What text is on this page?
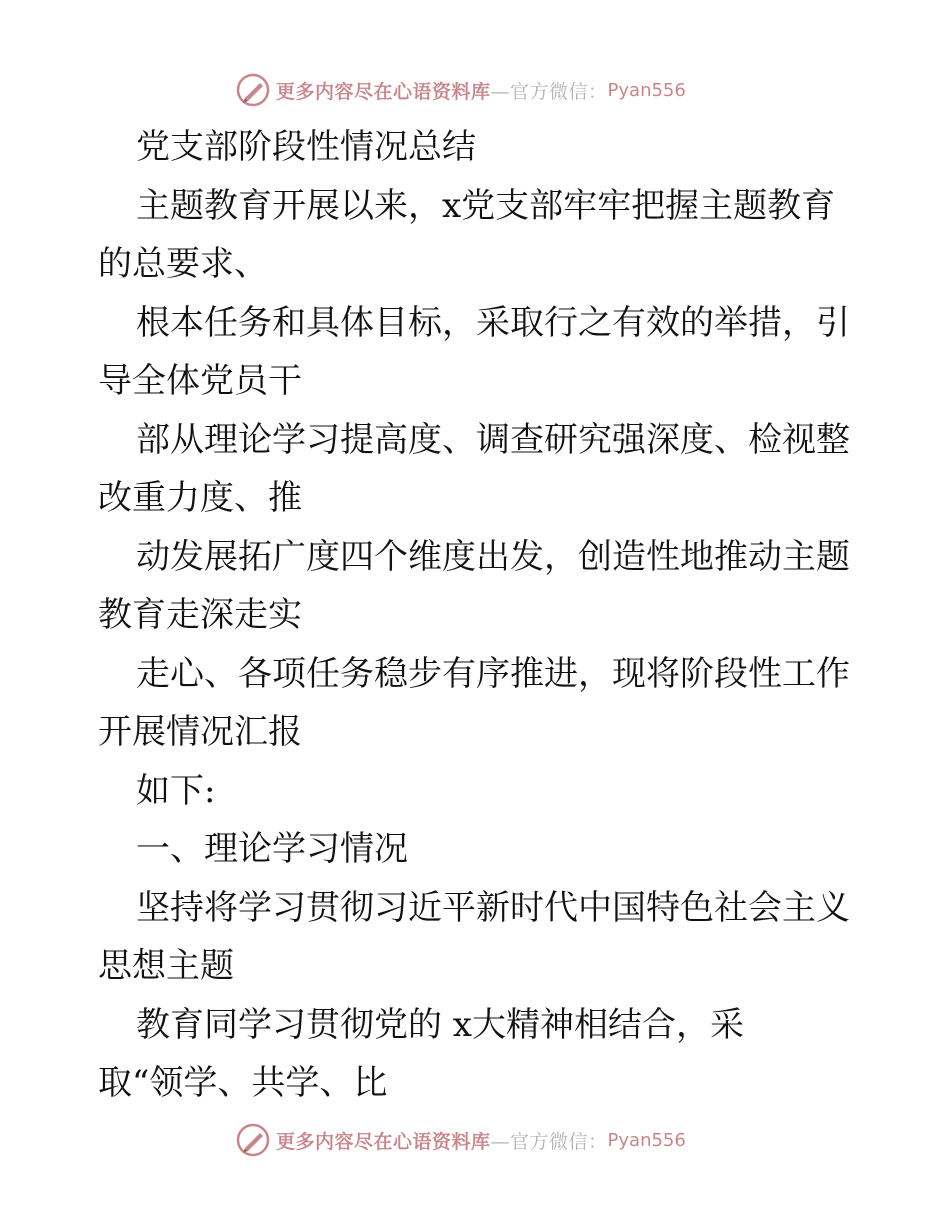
更多内容尽在心语资料库 —官方微信： Pyan556
党支部阶段性情况总结
主题教育开展以来，x党支部牢牢把握主题教育
的总要求、
根本任务和具体目标，采取行之有效的举措，引
导全体党员干
部从理论学习提高度、调查研究强深度、检视整
改重力度、推
动发展拓广度四个维度出发，创造性地推动主题
教育走深走实
走心、各项任务稳步有序推进，现将阶段性工作
开展情况汇报
如下:
一、理论学习情况
坚持将学习贯彻习近平新时代中国特色社会主义
思想主题
教育同学习贯彻党的 x大精神相结合，采
取“领学、共学、比
更多内容尽在心语资料库 —官方微信： Pyan556
